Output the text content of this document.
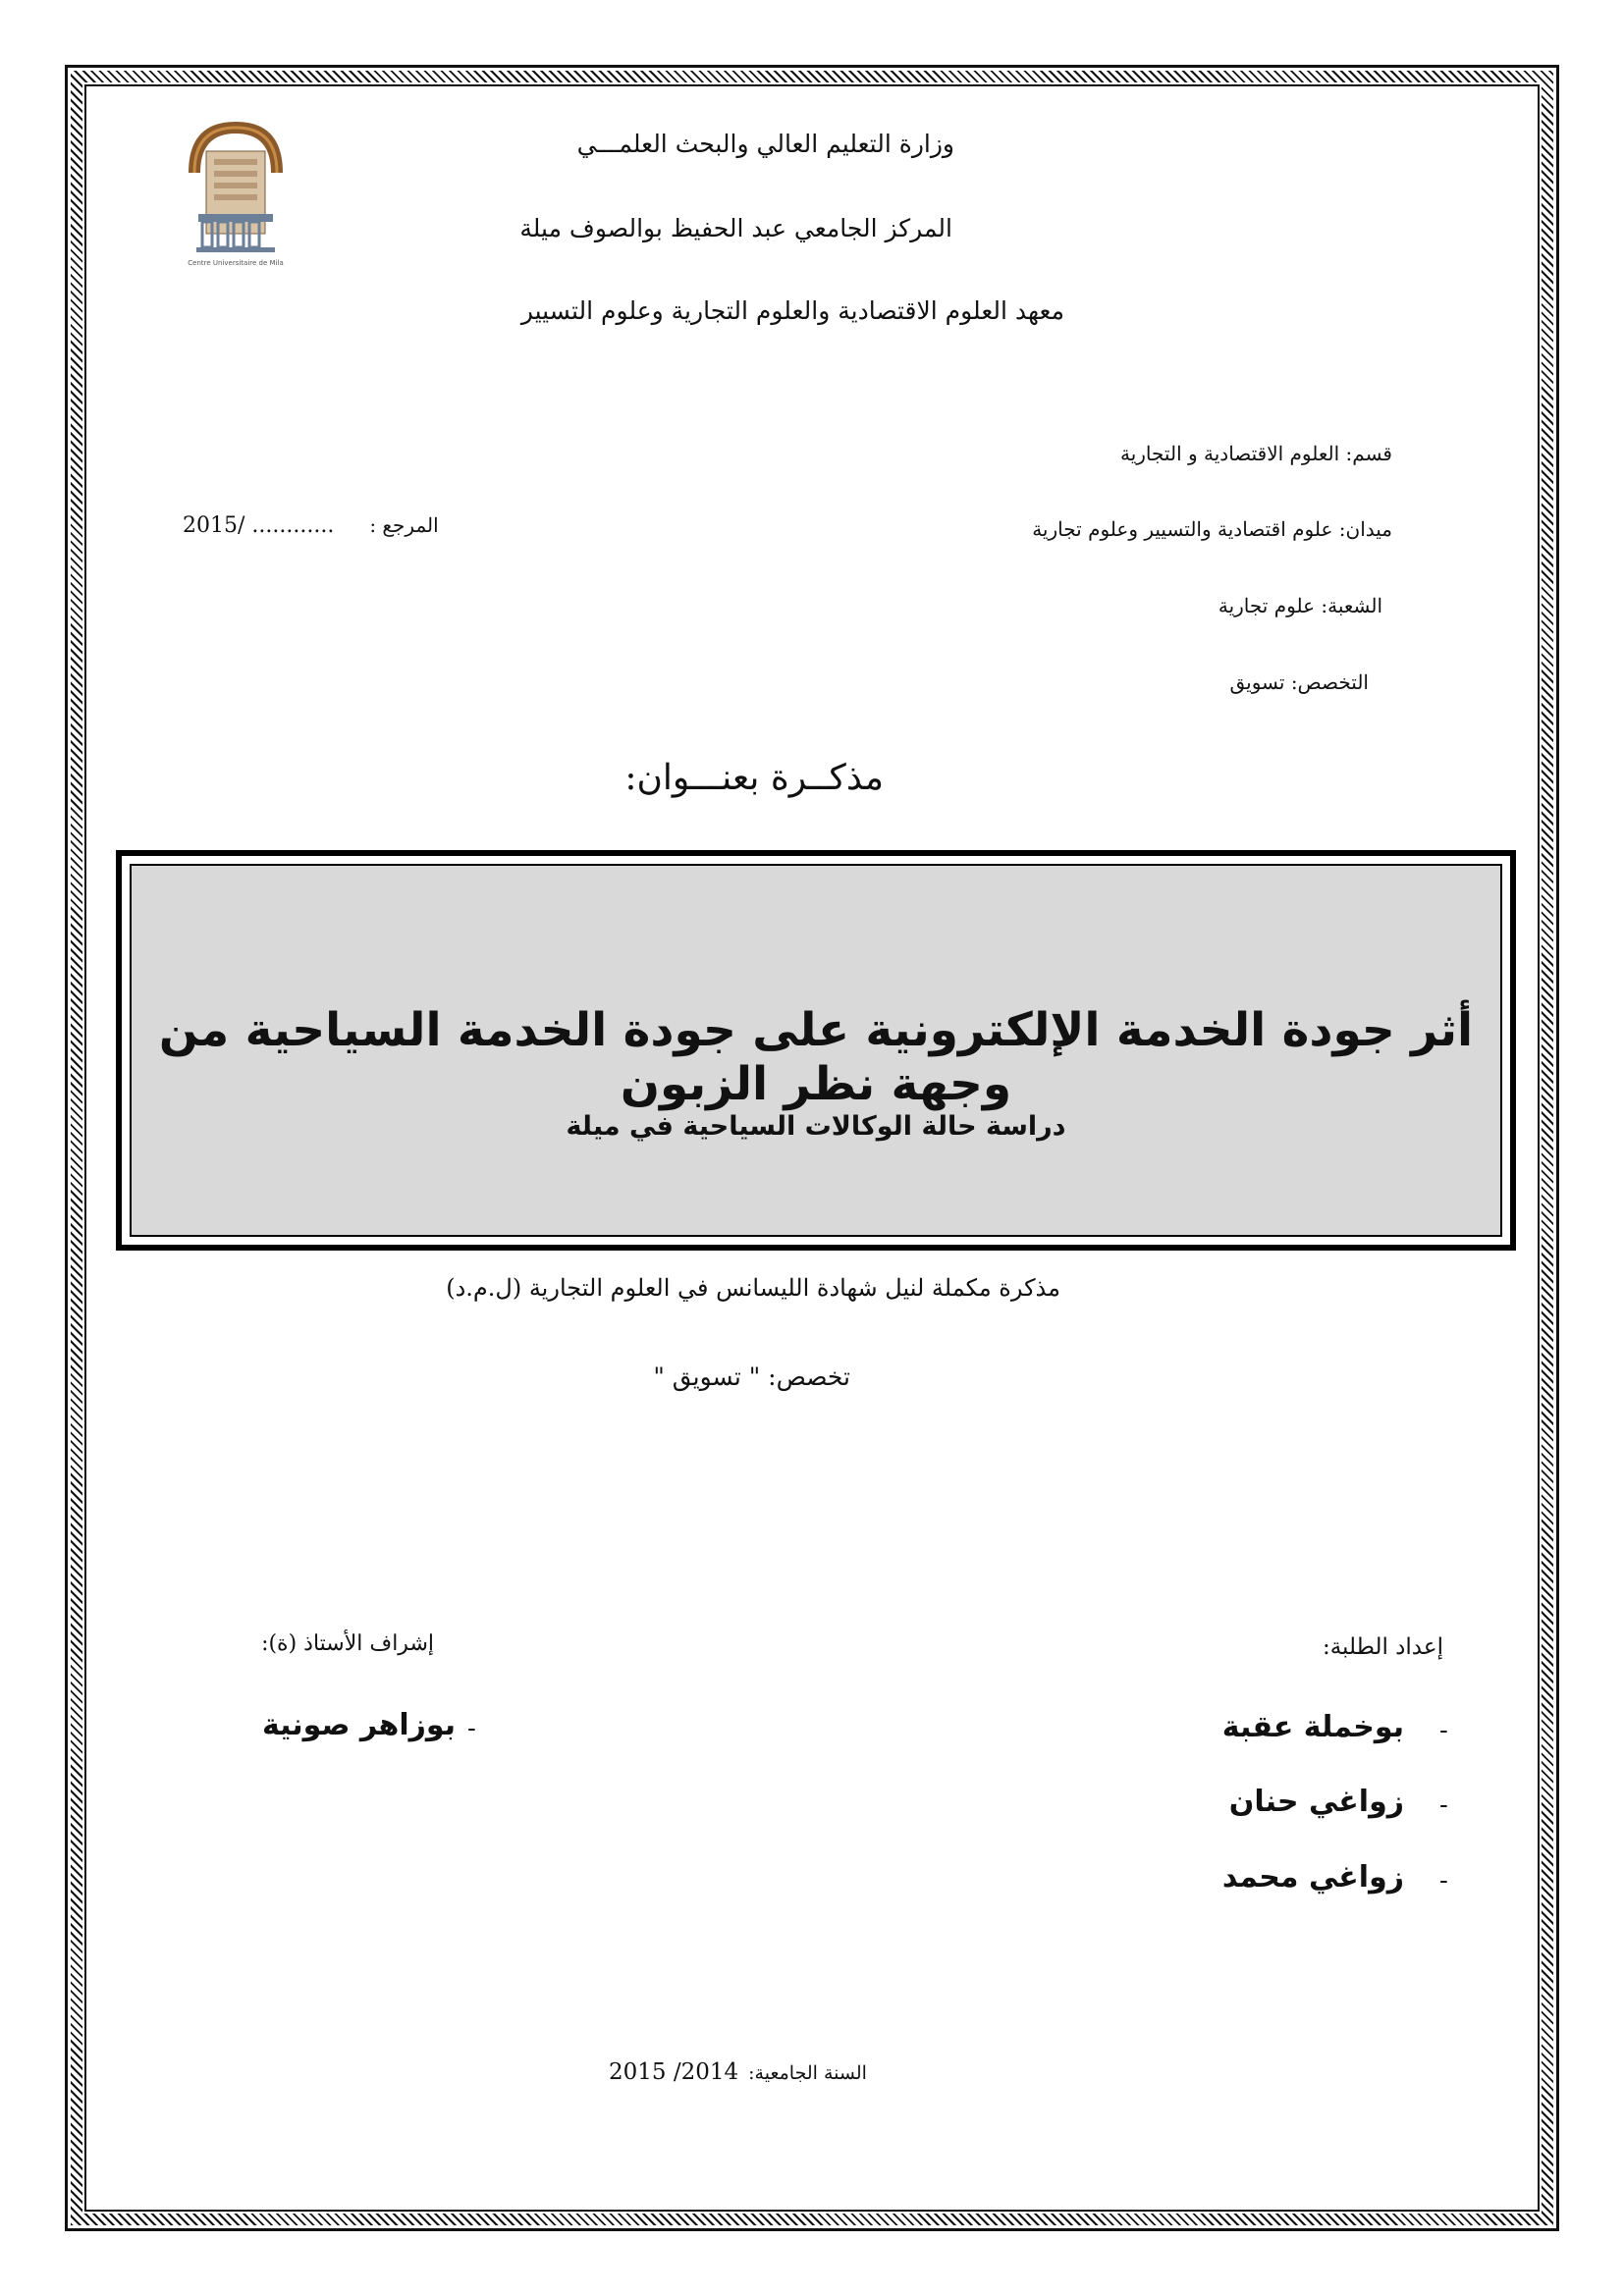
Centre Universitaire de Mila
وزارة التعليم العالي والبحث العلمـــي
المركز الجامعي عبد الحفيظ بوالصوف ميلة
معهد العلوم الاقتصادية والعلوم التجارية وعلوم التسيير
قسم: العلوم الاقتصادية و التجارية
ميدان: علوم اقتصادية والتسيير وعلوم تجارية
الشعبة: علوم تجارية
التخصص: تسويق
2015/ ............ المرجع :
مذكــرة بعنـــوان:
أثر جودة الخدمة الإلكترونية على جودة الخدمة السياحية من وجهة نظر الزبون
دراسة حالة الوكالات السياحية في ميلة
مذكرة مكملة لنيل شهادة الليسانس في العلوم التجارية (ل.م.د)
تخصص: " تسويق "
إعداد الطلبة:
بوخملة عقبة
زواغي حنان
زواغي محمد
-
-
-
إشراف الأستاذ (ة):
بوزاهر صونية -
2015 /2014 السنة الجامعية:
